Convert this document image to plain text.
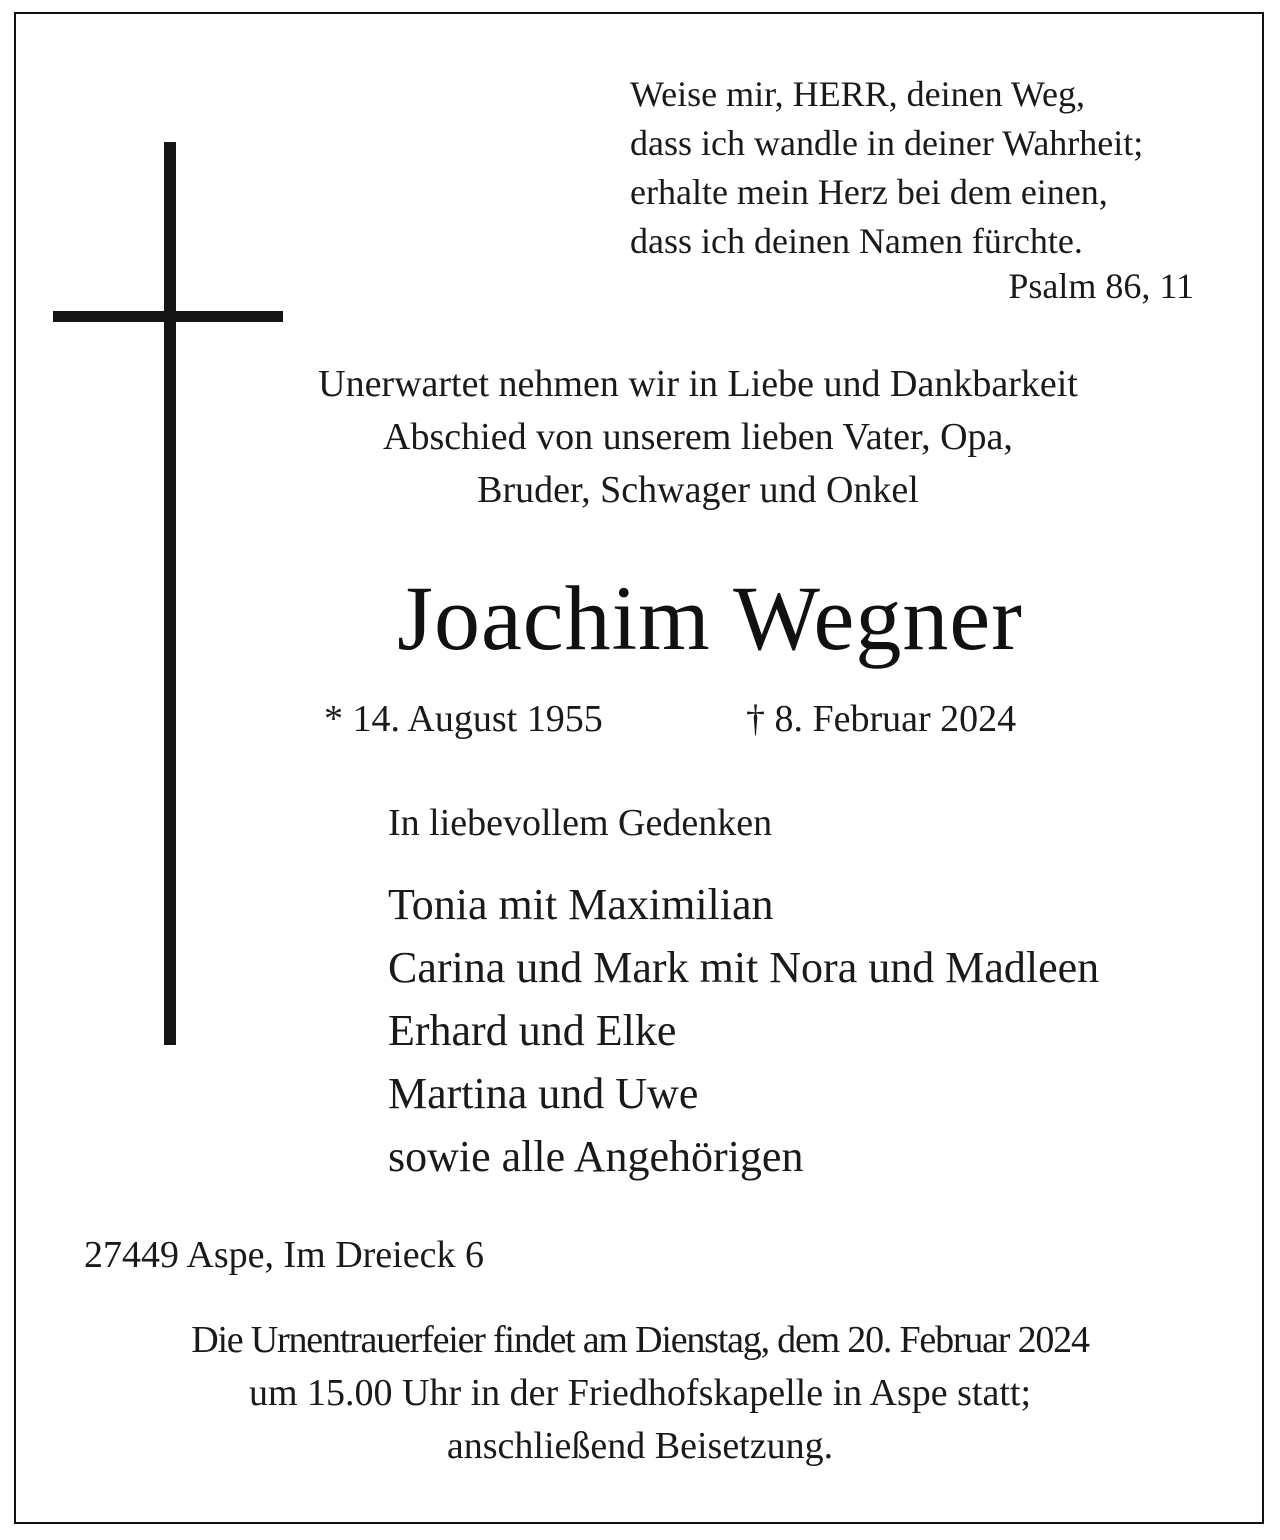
Weise mir, HERR, deinen Weg,
dass ich wandle in deiner Wahrheit;
erhalte mein Herz bei dem einen,
dass ich deinen Namen fürchte.
Psalm 86, 11
Unerwartet nehmen wir in Liebe und Dankbarkeit
Abschied von unserem lieben Vater, Opa,
Bruder, Schwager und Onkel
Joachim Wegner
* 14. August 1955	† 8. Februar 2024
In liebevollem Gedenken
Tonia mit Maximilian
Carina und Mark mit Nora und Madleen
Erhard und Elke
Martina und Uwe
sowie alle Angehörigen
27449 Aspe, Im Dreieck 6
Die Urnentrauerfeier findet am Dienstag, dem 20. Februar 2024
um 15.00 Uhr in der Friedhofskapelle in Aspe statt;
anschließend Beisetzung.
